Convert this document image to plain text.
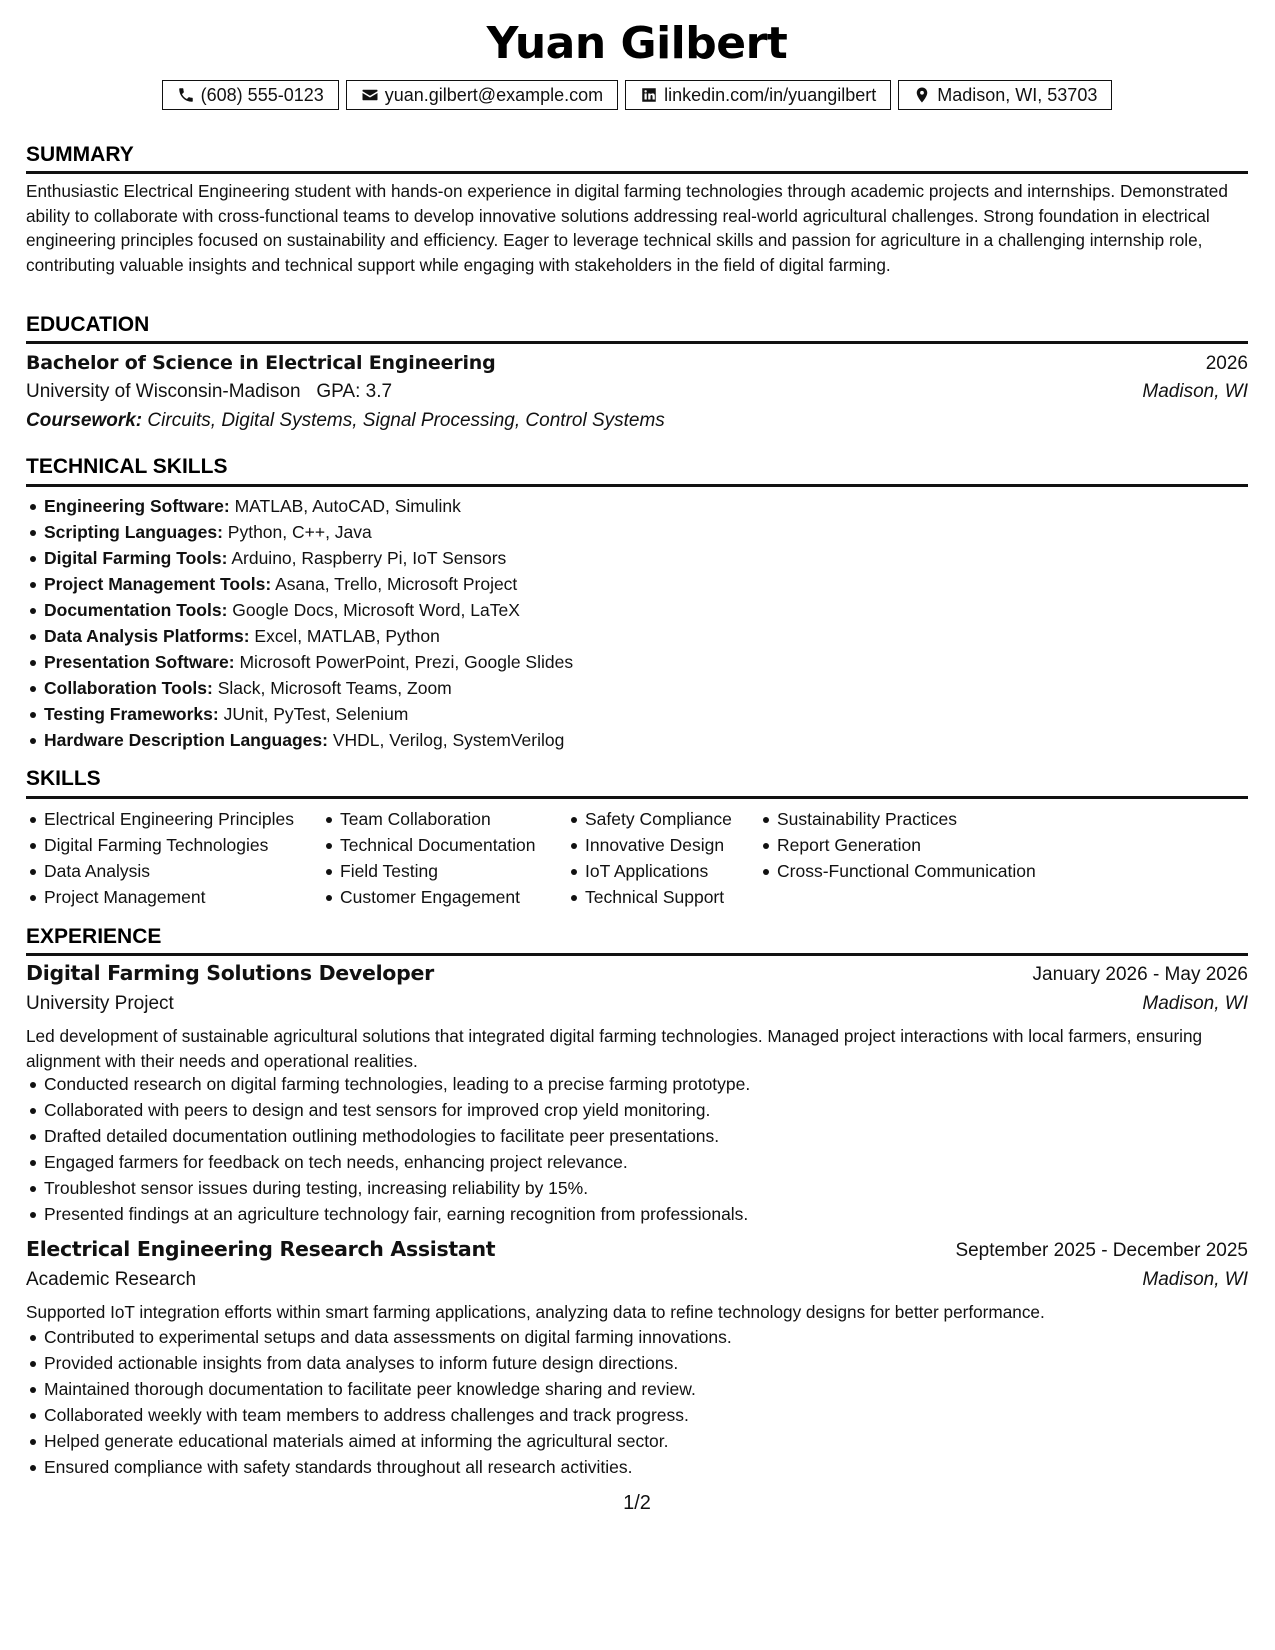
Yuan Gilbert
(608) 555-0123	yuan.gilbert@example.com	linkedin.com/in/yuangilbert	Madison, WI, 53703
SUMMARY

Enthusiastic Electrical Engineering student with hands-on experience in digital farming technologies through academic projects and internships. Demonstrated ability to collaborate with cross-functional teams to develop innovative solutions addressing real-world agricultural challenges. Strong foundation in electrical engineering principles focused on sustainability and efficiency. Eager to leverage technical skills and passion for agriculture in a challenging internship role, contributing valuable insights and technical support while engaging with stakeholders in the field of digital farming.

EDUCATION
Bachelor of Science in Electrical Engineering	2026
University of Wisconsin-Madison GPA: 3.7	Madison, WI
Coursework: Circuits, Digital Systems, Signal Processing, Control Systems
TECHNICAL SKILLS
Engineering Software: MATLAB, AutoCAD, Simulink
Scripting Languages: Python, C++, Java
Digital Farming Tools: Arduino, Raspberry Pi, IoT Sensors
Project Management Tools: Asana, Trello, Microsoft Project
Documentation Tools: Google Docs, Microsoft Word, LaTeX
Data Analysis Platforms: Excel, MATLAB, Python
Presentation Software: Microsoft PowerPoint, Prezi, Google Slides
Collaboration Tools: Slack, Microsoft Teams, Zoom
Testing Frameworks: JUnit, PyTest, Selenium
Hardware Description Languages: VHDL, Verilog, SystemVerilog
SKILLS
Electrical Engineering Principles
Digital Farming Technologies
Data Analysis
Project Management
Team Collaboration
Technical Documentation
Field Testing
Customer Engagement
Safety Compliance
Innovative Design
IoT Applications
Technical Support
Sustainability Practices
Report Generation
Cross-Functional Communication
EXPERIENCE
Digital Farming Solutions Developer	January 2026 - May 2026
University Project	Madison, WI

Led development of sustainable agricultural solutions that integrated digital farming technologies. Managed project interactions with local farmers, ensuring alignment with their needs and operational realities.

Conducted research on digital farming technologies, leading to a precise farming prototype.
Collaborated with peers to design and test sensors for improved crop yield monitoring.
Drafted detailed documentation outlining methodologies to facilitate peer presentations.
Engaged farmers for feedback on tech needs, enhancing project relevance.
Troubleshot sensor issues during testing, increasing reliability by 15%.
Presented findings at an agriculture technology fair, earning recognition from professionals.
Electrical Engineering Research Assistant	September 2025 - December 2025
Academic Research	Madison, WI

Supported IoT integration efforts within smart farming applications, analyzing data to refine technology designs for better performance.

Contributed to experimental setups and data assessments on digital farming innovations.
Provided actionable insights from data analyses to inform future design directions.
Maintained thorough documentation to facilitate peer knowledge sharing and review.
Collaborated weekly with team members to address challenges and track progress.
Helped generate educational materials aimed at informing the agricultural sector.
Ensured compliance with safety standards throughout all research activities.
1/2
